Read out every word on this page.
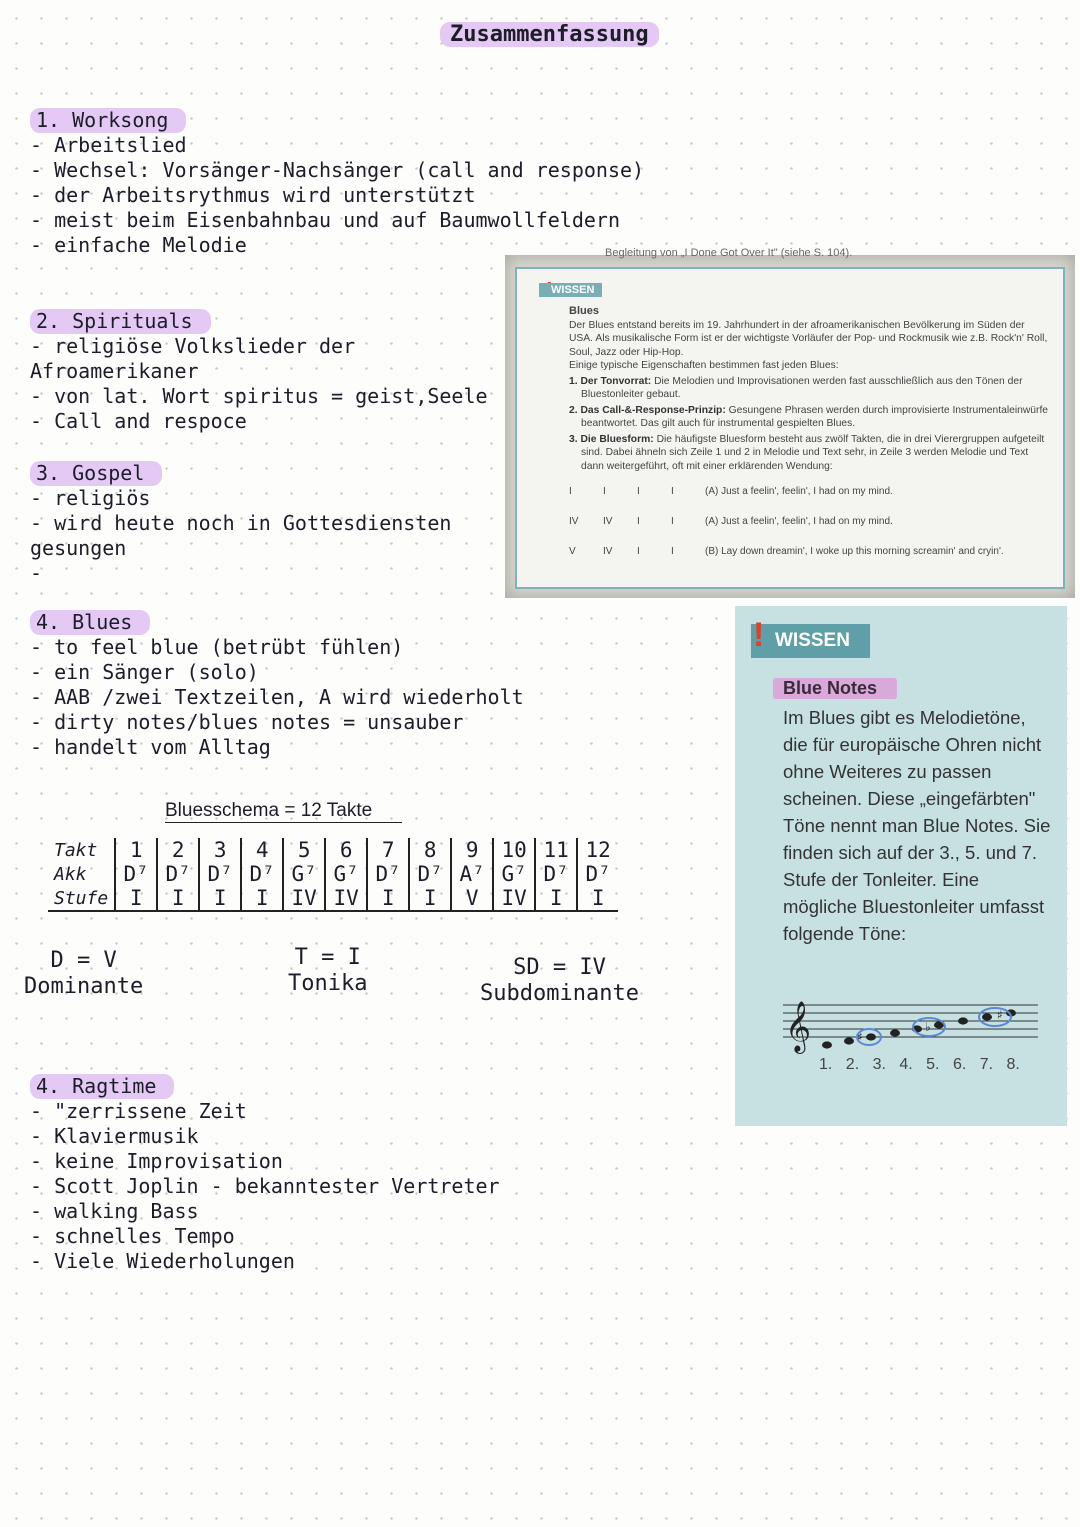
Zusammenfassung
1. Worksong
- Arbeitslied
- Wechsel: Vorsänger-Nachsänger (call and response)
- der Arbeitsrythmus wird unterstützt
- meist beim Eisenbahnbau und auf Baumwollfeldern
- einfache Melodie
2. Spirituals
- religiöse Volkslieder der
Afroamerikaner
- von lat. Wort spiritus = geist,Seele
- Call and respoce
3. Gospel
- religiös
- wird heute noch in Gottesdiensten
gesungen
-
4. Blues
- to feel blue (betrübt fühlen)
- ein Sänger (solo)
- AAB /zwei Textzeilen, A wird wiederholt
- dirty notes/blues notes = unsauber
- handelt vom Alltag
Bluesschema = 12 Takte
Takt	1	2	3	4	5	6	7	8	9	10	11	12
Akk	D⁷	D⁷	D⁷	D⁷	G⁷	G⁷	D⁷	D⁷	A⁷	G⁷	D⁷	D⁷
Stufe	I	I	I	I	IV	IV	I	I	V	IV	I	I
D = V
Dominante
T = I
Tonika
SD = IV
Subdominante
4. Ragtime
- "zerrissene Zeit
- Klaviermusik
- keine Improvisation
- Scott Joplin - bekanntester Vertreter
- walking Bass
- schnelles Tempo
- Viele Wiederholungen
Begleitung von „I Done Got Over It" (siehe S. 104).
WISSEN
Blues
Der Blues entstand bereits im 19. Jahrhundert in der afroamerikanischen Bevölkerung im Süden der USA. Als musikalische Form ist er der wichtigste Vorläufer der Pop- und Rockmusik wie z.B. Rock'n' Roll, Soul, Jazz oder Hip-Hop.
Einige typische Eigenschaften bestimmen fast jeden Blues:
1. Der Tonvorrat: Die Melodien und Improvisationen werden fast ausschließlich aus den Tönen der Bluestonleiter gebaut.
2. Das Call-&-Response-Prinzip: Gesungene Phrasen werden durch improvisierte Instrumentaleinwürfe beantwortet. Das gilt auch für instrumental gespielten Blues.
3. Die Bluesform: Die häufigste Bluesform besteht aus zwölf Takten, die in drei Vierergruppen aufgeteilt sind. Dabei ähneln sich Zeile 1 und 2 in Melodie und Text sehr, in Zeile 3 werden Melodie und Text dann weitergeführt, oft mit einer erklärenden Wendung:
I	I	I	I	(A) Just a feelin', feelin', I had on my mind.
IV IV I	I	(A) Just a feelin', feelin', I had on my mind.
V	IV I	I	(B) Lay down dreamin', I woke up this morning screamin' and cryin'.
WISSEN
!
Blue Notes
Im Blues gibt es Melodietöne, die für europäische Ohren nicht ohne Weiteres zu passen scheinen. Diese „eingefärbten" Töne nennt man Blue Notes. Sie finden sich auf der 3., 5. und 7. Stufe der Tonleiter. Eine mögliche Bluestonleiter umfasst folgende Töne:
𝄞	♯
♭
♯
1. 2. 3. 4. 5. 6. 7. 8.
